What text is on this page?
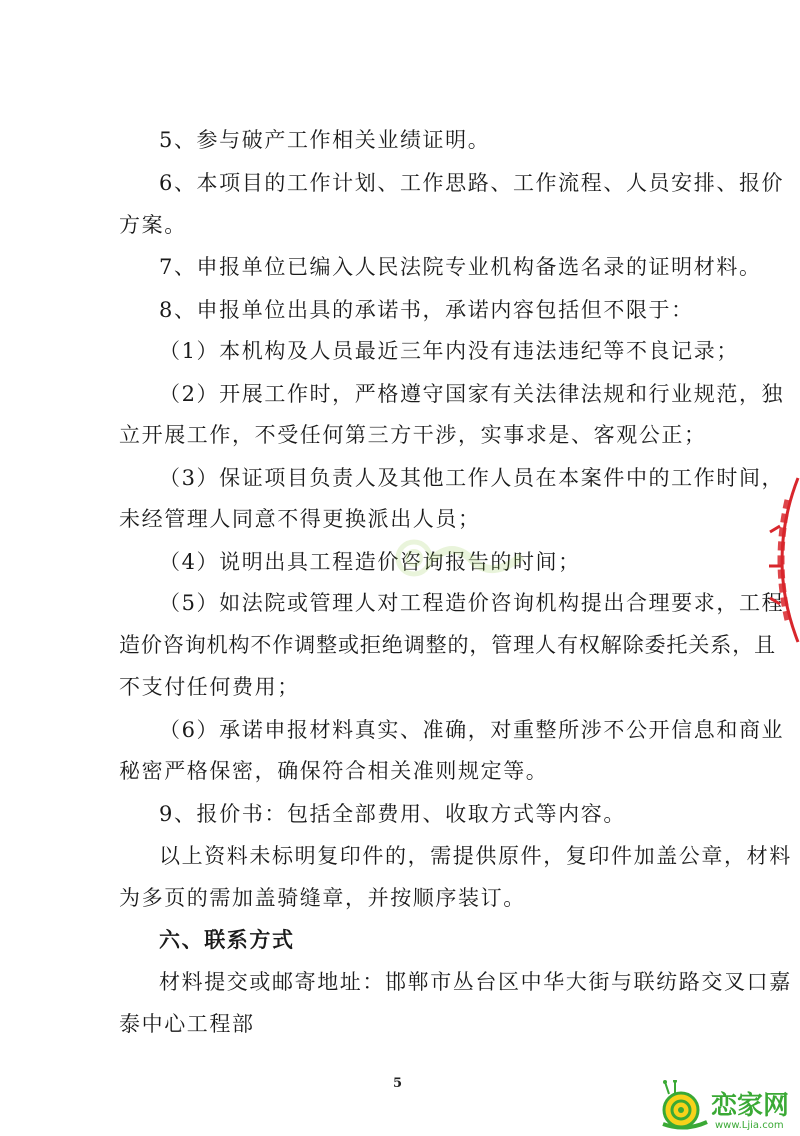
5、参与破产工作相关业绩证明。
6、本项目的工作计划、工作思路、工作流程、人员安排、报价
方案。
7、申报单位已编入人民法院专业机构备选名录的证明材料。
8、申报单位出具的承诺书，承诺内容包括但不限于：
（1）本机构及人员最近三年内没有违法违纪等不良记录；
（2）开展工作时，严格遵守国家有关法律法规和行业规范，独
立开展工作，不受任何第三方干涉，实事求是、客观公正；
（3）保证项目负责人及其他工作人员在本案件中的工作时间，
未经管理人同意不得更换派出人员；
（4）说明出具工程造价咨询报告的时间；
（5）如法院或管理人对工程造价咨询机构提出合理要求，工程
造价咨询机构不作调整或拒绝调整的，管理人有权解除委托关系，且
不支付任何费用；
（6）承诺申报材料真实、准确，对重整所涉不公开信息和商业
秘密严格保密，确保符合相关准则规定等。
9、报价书：包括全部费用、收取方式等内容。
以上资料未标明复印件的，需提供原件，复印件加盖公章，材料
为多页的需加盖骑缝章，并按顺序装订。
六、联系方式
材料提交或邮寄地址：邯郸市丛台区中华大街与联纺路交叉口嘉
泰中心工程部
5
恋家网
www.Ljia.com
